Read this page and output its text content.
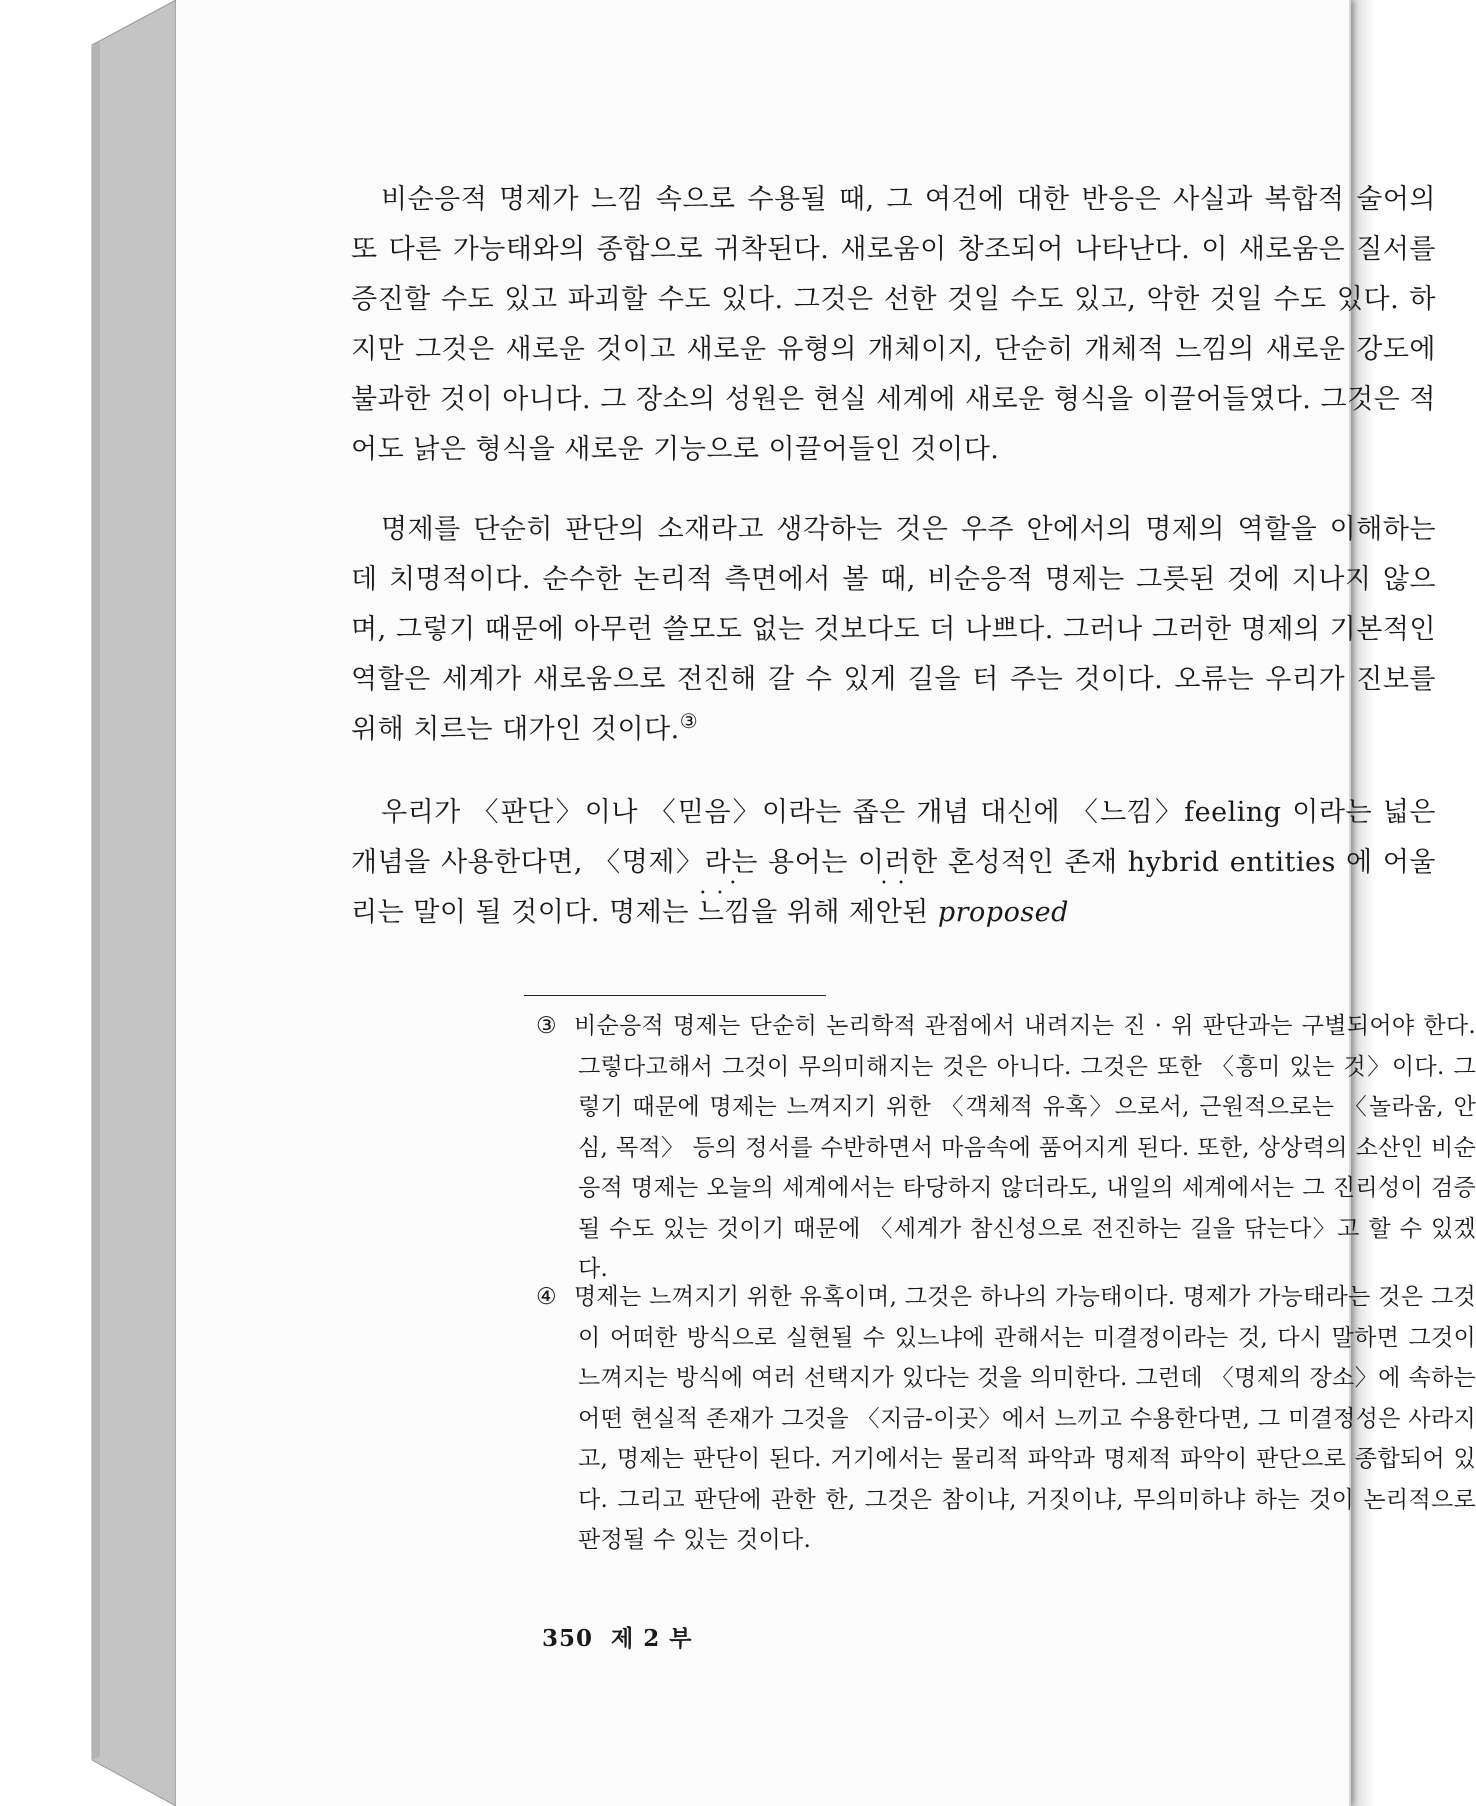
비순응적 명제가 느낌 속으로 수용될 때, 그 여건에 대한 반응은 사실과 복합적 술어의 또 다른 가능태와의 종합으로 귀착된다. 새로움이 창조되어 나타난다. 이 새로움은 질서를 증진할 수도 있고 파괴할 수도 있다. 그것은 선한 것일 수도 있고, 악한 것일 수도 있다. 하지만 그것은 새로운 것이고 새로운 유형의 개체이지, 단순히 개체적 느낌의 새로운 강도에 불과한 것이 아니다. 그 장소의 성원은 현실 세계에 새로운 형식을 이끌어들였다. 그것은 적어도 낡은 형식을 새로운 기능으로 이끌어들인 것이다.

명제를 단순히 판단의 소재라고 생각하는 것은 우주 안에서의 명제의 역할을 이해하는 데 치명적이다. 순수한 논리적 측면에서 볼 때, 비순응적 명제는 그릇된 것에 지나지 않으며, 그렇기 때문에 아무런 쓸모도 없는 것보다도 더 나쁘다. 그러나 그러한 명제의 기본적인 역할은 세계가 새로움으로 전진해 갈 수 있게 길을 터 주는 것이다. 오류는 우리가 진보를 위해 치르는 대가인 것이다.③

우리가 〈판단〉이나 〈믿음〉이라는 좁은 개념 대신에 〈느낌〉feeling 이라는 넓은 개념을 사용한다면, 〈명제〉라는 용어는 이러한 혼성적인 존재 hybrid entities 에 어울리는 말이 될 것이다. 명제는 • • • 느낌을 위해 • • 제안된 proposed

③ 비순응적 명제는 단순히 논리학적 관점에서 내려지는 진 · 위 판단과는 구별되어야 한다. 그렇다고해서 그것이 무의미해지는 것은 아니다. 그것은 또한 〈흥미 있는 것〉이다. 그렇기 때문에 명제는 느껴지기 위한 〈객체적 유혹〉으로서, 근원적으로는 〈놀라움, 안심, 목적〉 등의 정서를 수반하면서 마음속에 품어지게 된다. 또한, 상상력의 소산인 비순응적 명제는 오늘의 세계에서는 타당하지 않더라도, 내일의 세계에서는 그 진리성이 검증될 수도 있는 것이기 때문에 〈세계가 참신성으로 전진하는 길을 닦는다〉고 할 수 있겠다.

④ 명제는 느껴지기 위한 유혹이며, 그것은 하나의 가능태이다. 명제가 가능태라는 것은 그것이 어떠한 방식으로 실현될 수 있느냐에 관해서는 미결정이라는 것, 다시 말하면 그것이 느껴지는 방식에 여러 선택지가 있다는 것을 의미한다. 그런데 〈명제의 장소〉에 속하는 어떤 현실적 존재가 그것을 〈지금-이곳〉에서 느끼고 수용한다면, 그 미결정성은 사라지고, 명제는 판단이 된다. 거기에서는 물리적 파악과 명제적 파악이 판단으로 종합되어 있다. 그리고 판단에 관한 한, 그것은 참이냐, 거짓이냐, 무의미하냐 하는 것이 논리적으로 판정될 수 있는 것이다.

350 제 2 부
